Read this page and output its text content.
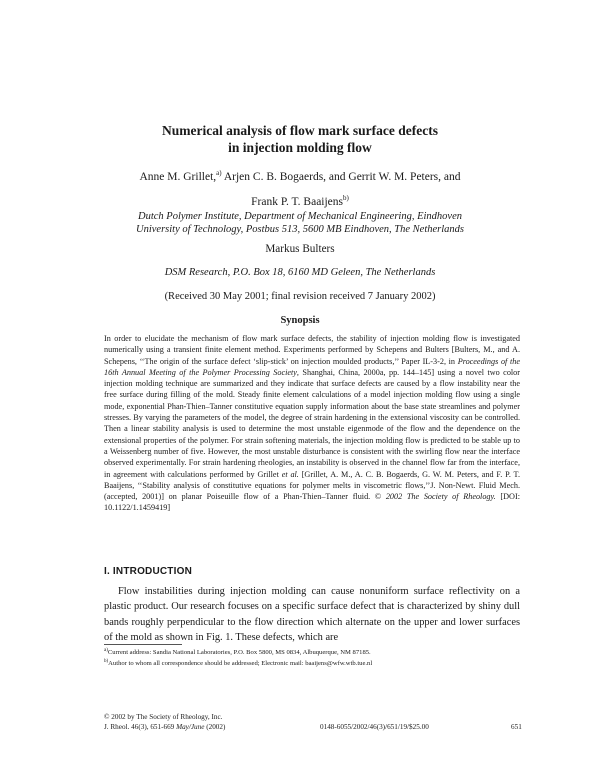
Numerical analysis of flow mark surface defects
in injection molding flow
Anne M. Grillet,$^{a)}$ Arjen C. B. Bogaerds, and Gerrit W. M. Peters, and
Frank P. T. Baaijens$^{b)}$
Dutch Polymer Institute, Department of Mechanical Engineering, Eindhoven
University of Technology, Postbus 513, 5600 MB Eindhoven, The Netherlands
Markus Bulters
DSM Research, P.O. Box 18, 6160 MD Geleen, The Netherlands
(Received 30 May 2001; final revision received 7 January 2002)
Synopsis
In order to elucidate the mechanism of flow mark surface defects, the stability of injection molding flow is investigated numerically using a transient finite element method. Experiments performed by Schepens and Bulters [Bulters, M., and A. Schepens, ‘‘The origin of the surface defect ‘slip-stick’ on injection moulded products,’’ Paper IL-3-2, in Proceedings of the 16th Annual Meeting of the Polymer Processing Society, Shanghai, China, 2000a, pp. 144–145] using a novel two color injection molding technique are summarized and they indicate that surface defects are caused by a flow instability near the free surface during filling of the mold. Steady finite element calculations of a model injection molding flow using a single mode, exponential Phan-Thien–Tanner constitutive equation supply information about the base state streamlines and polymer stresses. By varying the parameters of the model, the degree of strain hardening in the extensional viscosity can be controlled. Then a linear stability analysis is used to determine the most unstable eigenmode of the flow and the dependence on the extensional properties of the polymer. For strain softening materials, the injection molding flow is predicted to be stable up to a Weissenberg number of five. However, the most unstable disturbance is consistent with the swirling flow near the interface observed experimentally. For strain hardening rheologies, an instability is observed in the channel flow far from the interface, in agreement with calculations performed by Grillet et al. [Grillet, A. M., A. C. B. Bogaerds, G. W. M. Peters, and F. P. T. Baaijens, ‘‘Stability analysis of constitutive equations for polymer melts in viscometric flows,’’J. Non-Newt. Fluid Mech. (accepted, 2001)] on planar Poiseuille flow of a Phan-Thien–Tanner fluid. © 2002 The Society of Rheology. [DOI: 10.1122/1.1459419]
I. INTRODUCTION
Flow instabilities during injection molding can cause nonuniform surface reflectivity on a plastic product. Our research focuses on a specific surface defect that is characterized by shiny dull bands roughly perpendicular to the flow direction which alternate on the upper and lower surfaces of the mold as shown in Fig. 1. These defects, which are
$^{a)}$Current address: Sandia National Laboratories, P.O. Box 5800, MS 0834, Albuquerque, NM 87185.
$^{b)}$Author to whom all correspondence should be addressed; Electronic mail: baaijens@wfw.wtb.tue.nl
© 2002 by The Society of Rheology, Inc.
J. Rheol. 46(3), 651-669 May/June (2002)	0148-6055/2002/46(3)/651/19/$25.00	651
